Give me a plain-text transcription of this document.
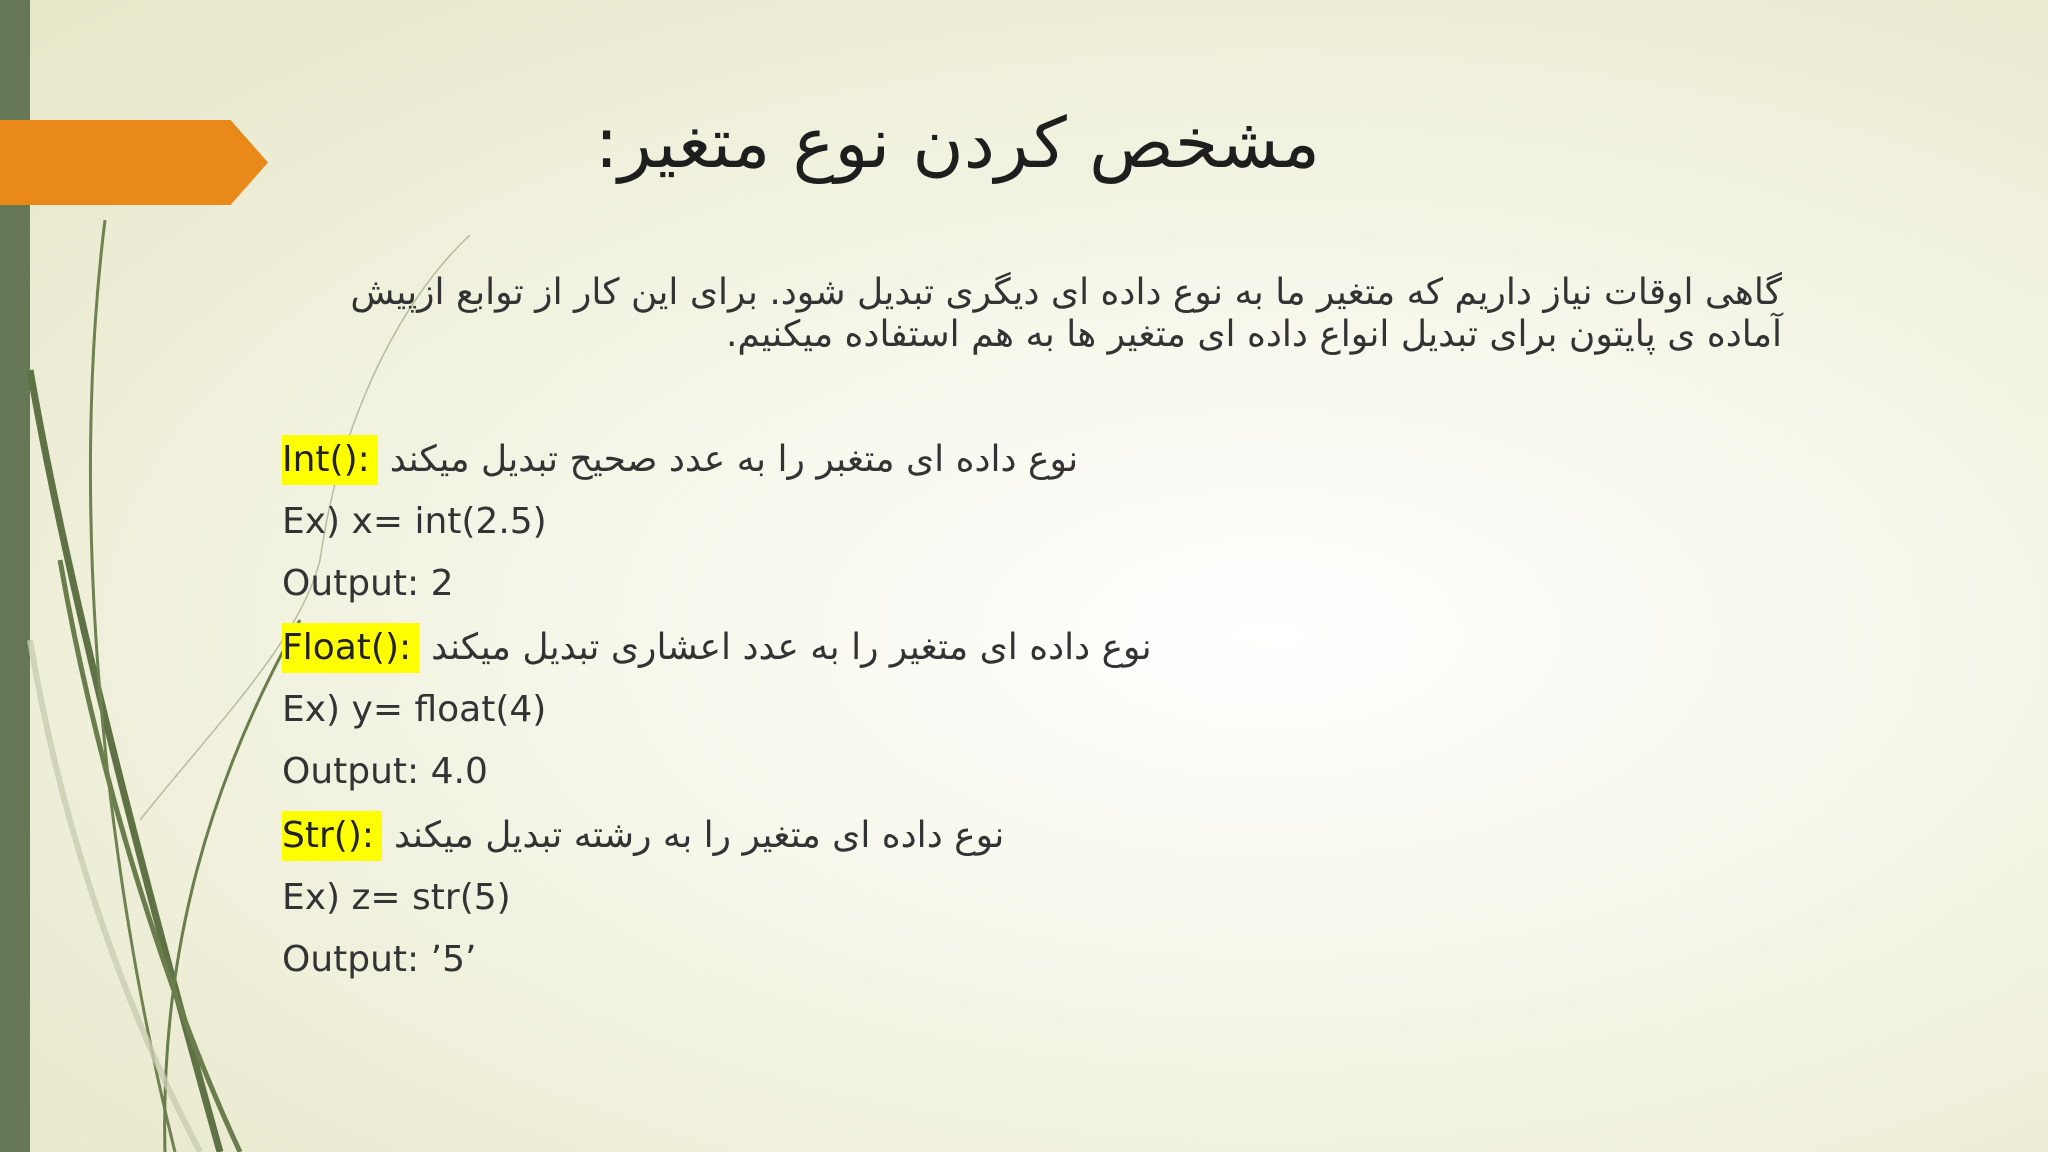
مشخص کردن نوع متغیر:
گاهی اوقات نیاز داریم که متغیر ما به نوع داده ای دیگری تبدیل شود. برای این کار از توابع ازپیش
آماده ی پایتون برای تبدیل انواع داده ای متغیر ها به هم استفاده میکنیم.
Int(): نوع داده ای متغبر را به عدد صحیح تبدیل میکند
Ex) x= int(2.5)
Output: 2
Float(): نوع داده ای متغیر را به عدد اعشاری تبدیل میکند
Ex) y= float(4)
Output: 4.0
Str(): نوع داده ای متغیر را به رشته تبدیل میکند
Ex) z= str(5)
Output: ’5’
